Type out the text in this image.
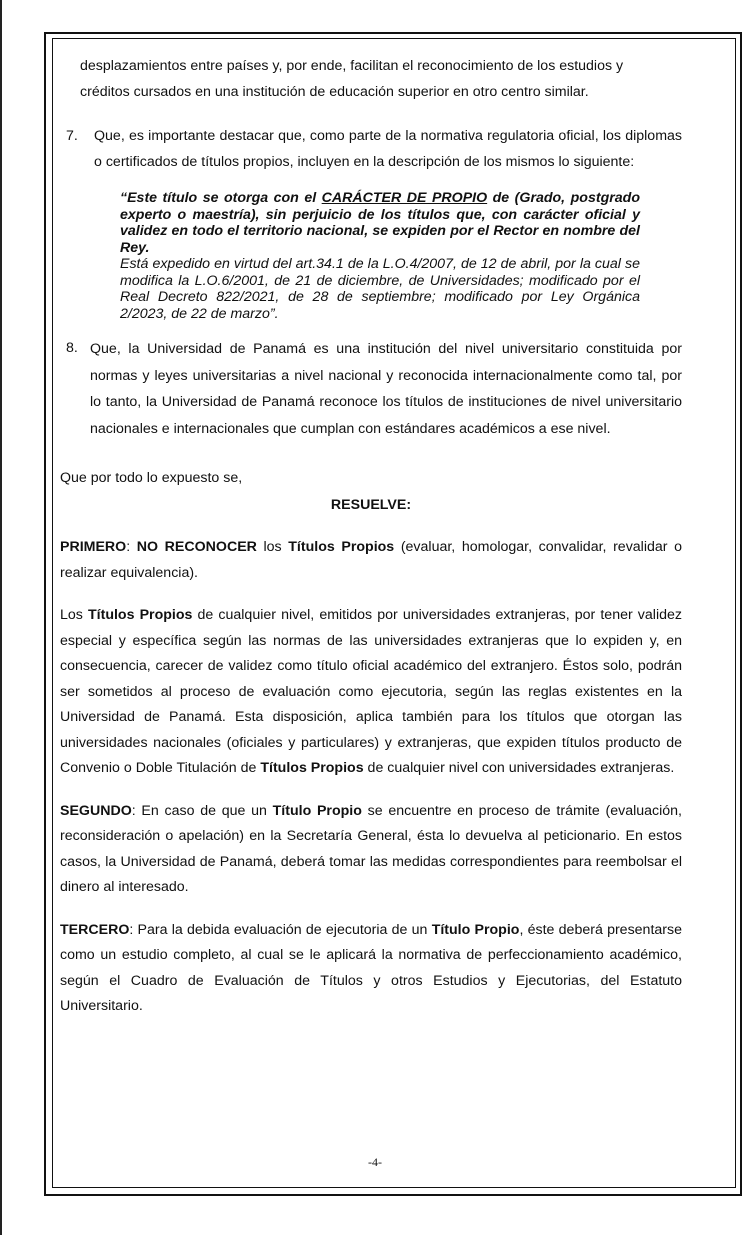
desplazamientos entre países y, por ende, facilitan el reconocimiento de los estudios y
créditos cursados en una institución de educación superior en otro centro similar.

7.	Que, es importante destacar que, como parte de la normativa regulatoria oficial, los diplomas o certificados de títulos propios, incluyen en la descripción de los mismos lo siguiente:

“Este título se otorga con el CARÁCTER DE PROPIO de (Grado, postgrado experto o maestría), sin perjuicio de los títulos que, con carácter oficial y validez en todo el territorio nacional, se expiden por el Rector en nombre del Rey.
Está expedido en virtud del art.34.1 de la L.O.4/2007, de 12 de abril, por la cual se modifica la L.O.6/2001, de 21 de diciembre, de Universidades; modificado por el Real Decreto 822/2021, de 28 de septiembre; modificado por Ley Orgánica 2/2023, de 22 de marzo”.
8. Que, la Universidad de Panamá es una institución del nivel universitario constituida por normas y leyes universitarias a nivel nacional y reconocida internacionalmente como tal, por lo tanto, la Universidad de Panamá reconoce los títulos de instituciones de nivel universitario nacionales e internacionales que cumplan con estándares académicos a ese nivel.

Que por todo lo expuesto se,

RESUELVE:

PRIMERO: NO RECONOCER los Títulos Propios (evaluar, homologar, convalidar, revalidar o realizar equivalencia).

Los Títulos Propios de cualquier nivel, emitidos por universidades extranjeras, por tener validez especial y específica según las normas de las universidades extranjeras que lo expiden y, en consecuencia, carecer de validez como título oficial académico del extranjero. Éstos solo, podrán ser sometidos al proceso de evaluación como ejecutoria, según las reglas existentes en la Universidad de Panamá. Esta disposición, aplica también para los títulos que otorgan las universidades nacionales (oficiales y particulares) y extranjeras, que expiden títulos producto de Convenio o Doble Titulación de Títulos Propios de cualquier nivel con universidades extranjeras.

SEGUNDO: En caso de que un Título Propio se encuentre en proceso de trámite (evaluación, reconsideración o apelación) en la Secretaría General, ésta lo devuelva al peticionario. En estos casos, la Universidad de Panamá, deberá tomar las medidas correspondientes para reembolsar el dinero al interesado.

TERCERO: Para la debida evaluación de ejecutoria de un Título Propio, éste deberá presentarse como un estudio completo, al cual se le aplicará la normativa de perfeccionamiento académico, según el Cuadro de Evaluación de Títulos y otros Estudios y Ejecutorias, del Estatuto Universitario.

-4-
